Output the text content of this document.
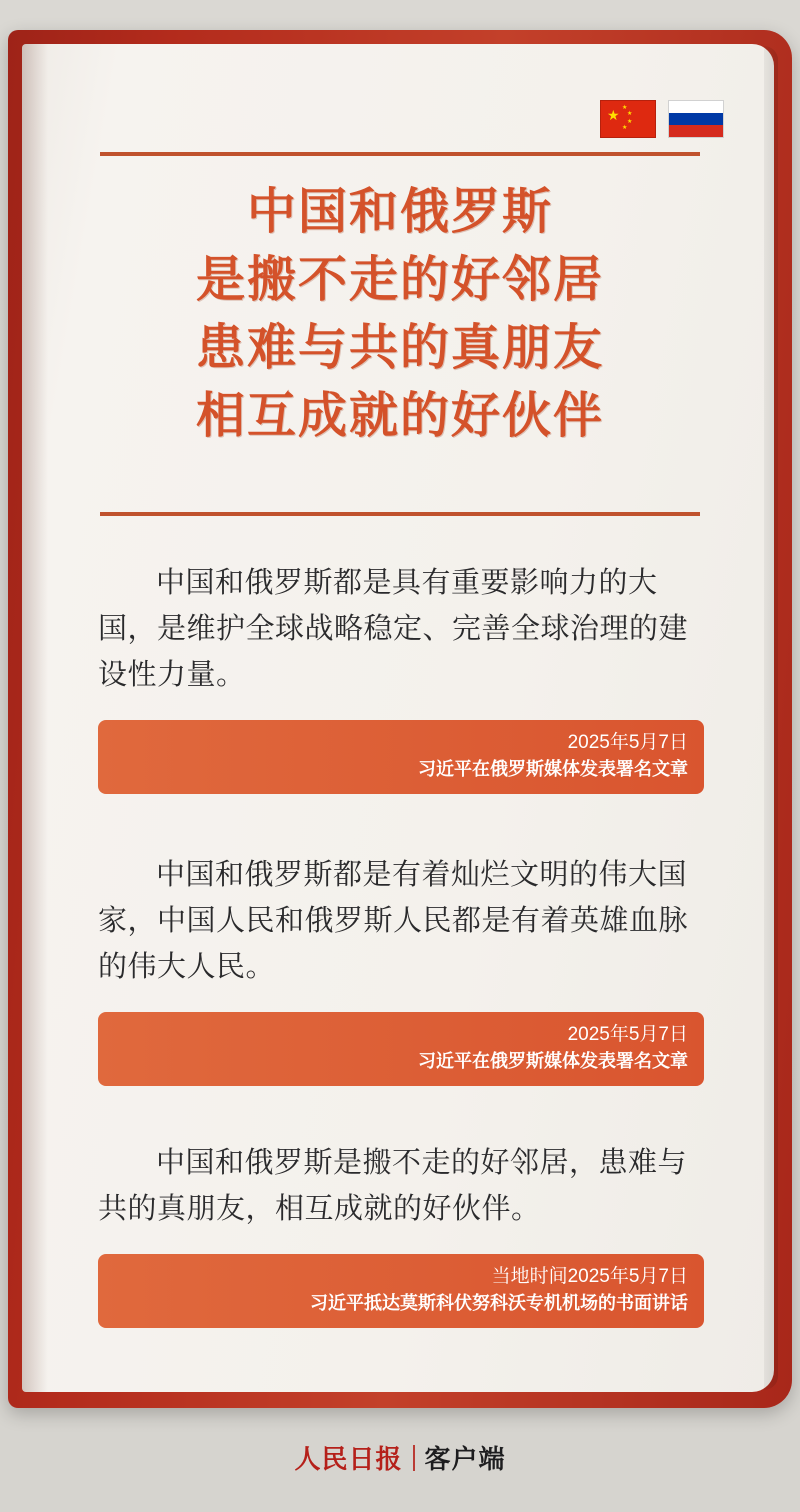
★ ★
★
★
★
中国和俄罗斯
是搬不走的好邻居
患难与共的真朋友
相互成就的好伙伴
中国和俄罗斯都是具有重要影响力的大国，是维护全球战略稳定、完善全球治理的建设性力量。
2025年5月7日
习近平在俄罗斯媒体发表署名文章
中国和俄罗斯都是有着灿烂文明的伟大国家，中国人民和俄罗斯人民都是有着英雄血脉的伟大人民。
2025年5月7日
习近平在俄罗斯媒体发表署名文章
中国和俄罗斯是搬不走的好邻居，患难与共的真朋友，相互成就的好伙伴。
当地时间2025年5月7日
习近平抵达莫斯科伏努科沃专机机场的书面讲话
人民日报 客户端
